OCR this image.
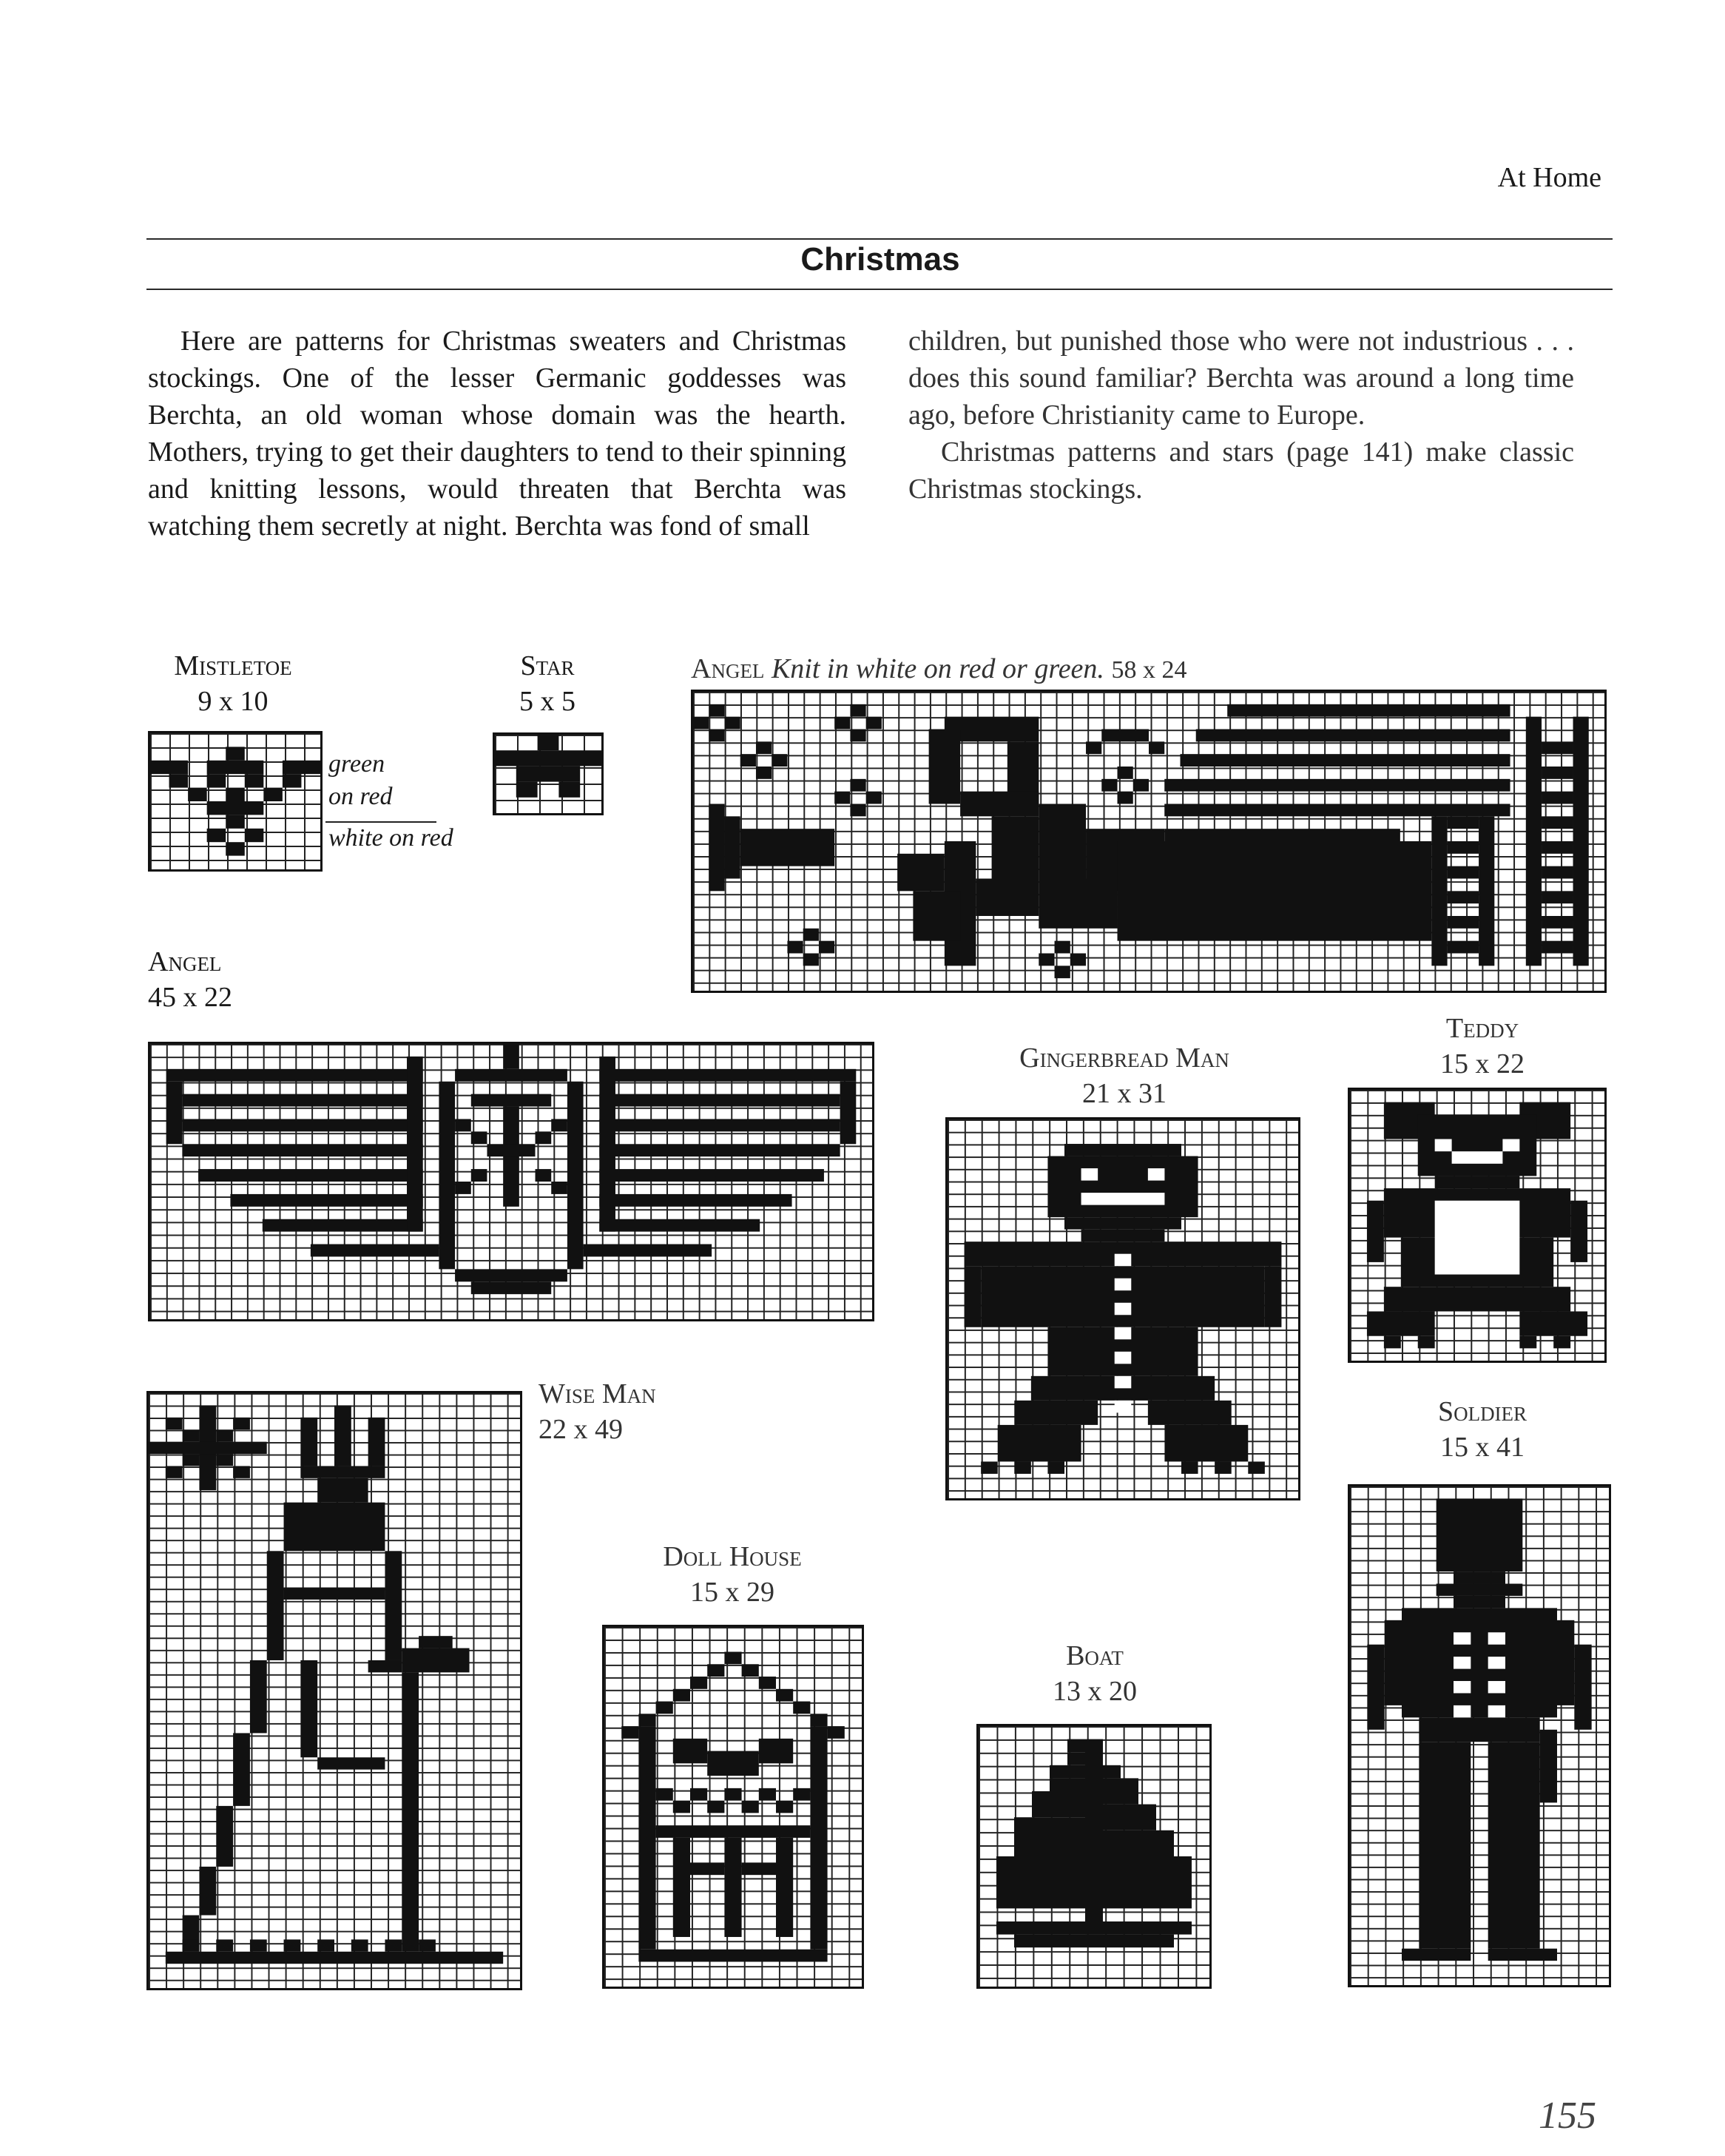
At Home
Christmas

Here are patterns for Christmas sweaters and Christmas stockings. One of the lesser Germanic goddesses was Berchta, an old woman whose domain was the hearth. Mothers, trying to get their daughters to tend to their spinning and knitting lessons, would threaten that Berchta was watching them secretly at night. Berchta was fond of small

children, but punished those who were not industrious . . . does this sound familiar? Berchta was around a long time ago, before Christianity came to Europe.

Christmas patterns and stars (page 141) make classic Christmas stockings.

Mistletoe
9 x 10
green
on red
white on red
Star
5 x 5
Angel Knit in white on red or green. 58 x 24
Angel
45 x 22
Gingerbread Man
21 x 31
Teddy
15 x 22
Wise Man
22 x 49
Soldier
15 x 41
Doll House
15 x 29
Boat
13 x 20
155
